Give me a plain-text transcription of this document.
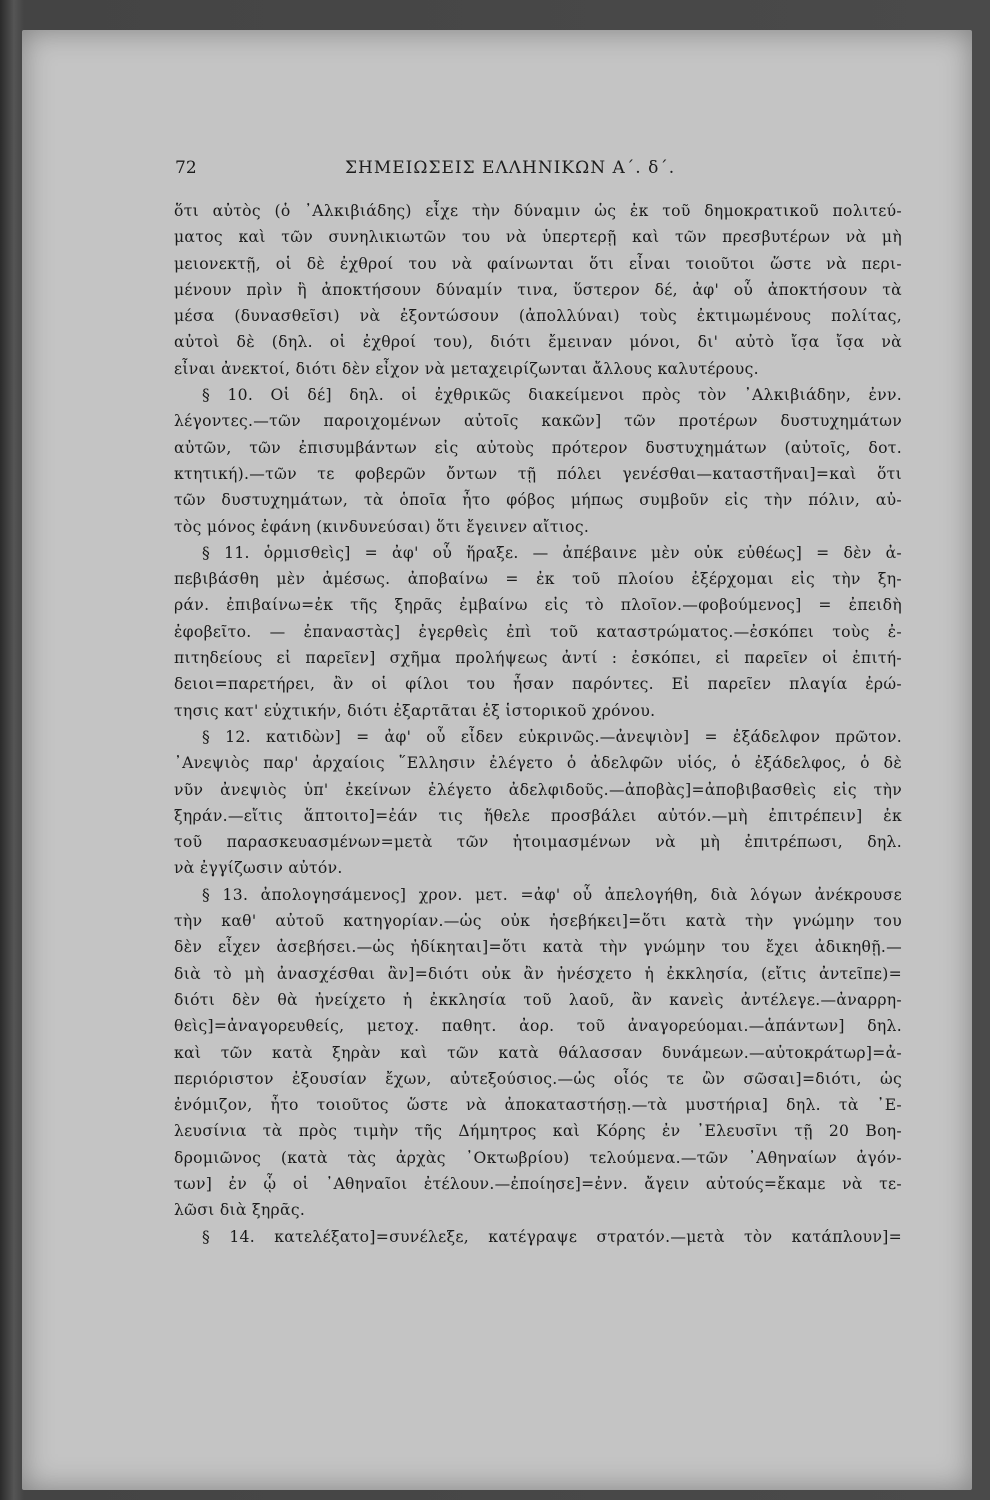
72	ΣΗΜΕΙΩΣΕΙΣ ΕΛΛΗΝΙΚΩΝ Α΄. δ΄.
ὅτι αὐτὸς (ὁ ᾿Αλκιβιάδης) εἶχε τὴν δύναμιν ὡς ἐκ τοῦ δημοκρατικοῦ πολιτεύ-
ματος καὶ τῶν συνηλικιωτῶν του νὰ ὑπερτερῇ καὶ τῶν πρεσβυτέρων νὰ μὴ
μειονεκτῇ, οἱ δὲ ἐχθροί του νὰ φαίνωνται ὅτι εἶναι τοιοῦτοι ὥστε νὰ περι-
μένουν πρὶν ἢ ἀποκτήσουν δύναμίν τινα, ὕστερον δέ, ἀφ' οὗ ἀποκτήσουν τὰ
μέσα (δυνασθεῖσι) νὰ ἐξοντώσουν (ἀπολλύναι) τοὺς ἐκτιμωμένους πολίτας,
αὐτοὶ δὲ (δηλ. οἱ ἐχθροί του), διότι ἔμειναν μόνοι, δι' αὐτὸ ἴσ̣α ἴσ̣α νὰ
εἶναι ἀνεκτοί, διότι δὲν εἶχον νὰ μεταχειρίζωνται ἄλλους καλυτέρους.
§ 10. Οἱ δέ] δηλ. οἱ ἐχθρικῶς διακείμενοι πρὸς τὸν ᾿Αλκιβιάδην, ἐνν.
λέγοντες.—τῶν παροιχομένων αὐτοῖς κακῶν] τῶν προτέρων δυστυχημάτων
αὐτῶν, τῶν ἐπισυμβάντων εἰς αὐτοὺς πρότερον δυστυχημάτων (αὐτοῖς, δοτ.
κτητική).—τῶν τε φοβερῶν ὄντων τῇ πόλει γενέσθαι—καταστῆναι]=καὶ ὅτι
τῶν δυστυχημάτων, τὰ ὁποῖα ἦτο φόβος μήπως συμβοῦν εἰς τὴν πόλιν, αὐ-
τὸς μόνος ἐφάνη (κινδυνεύσαι) ὅτι ἔγεινεν αἴτιος.
§ 11. ὁρμισθεὶς] = ἀφ' οὗ ἥραξε. — ἀπέβαινε μὲν οὐκ εὐθέως] = δὲν ἀ-
πεβιβάσθη μὲν ἀμέσως. ἀποβαίνω = ἐκ τοῦ πλοίου ἐξέρχομαι εἰς τὴν ξη-
ράν. ἐπιβαίνω=ἐκ τῆς ξηρᾶς ἐμβαίνω εἰς τὸ πλοῖον.—φοβούμενος] = ἐπειδὴ
ἐφοβεῖτο. — ἐπαναστὰς] ἐγερθεὶς ἐπὶ τοῦ καταστρώματος.—ἐσκόπει τοὺς ἐ-
πιτηδείους εἰ παρεῖεν] σχῆμα προλήψεως ἀντί : ἐσκόπει, εἰ παρεῖεν οἱ ἐπιτή-
δειοι=παρετήρει, ἂν οἱ φίλοι του ἦσαν παρόντες. Εἰ παρεῖεν πλαγία ἐρώ-
τησις κατ' εὐχτικήν, διότι ἐξαρτᾶται ἐξ ἱστορικοῦ χρόνου.
§ 12. κατιδὼν] = ἀφ' οὗ εἶδεν εὐκρινῶς.—ἀνεψιὸν] = ἐξάδελφον πρῶτον.
᾿Ανεψιὸς παρ' ἀρχαίοις ῞Ελλησιν ἐλέγετο ὁ ἀδελφῶν υἱός, ὁ ἐξάδελφος, ὁ δὲ
νῦν ἀνεψιὸς ὑπ' ἐκείνων ἐλέγετο ἀδελφιδοῦς.—ἀποβὰς]=ἀποβιβασθεὶς εἰς τὴν
ξηράν.—εἴτις ἅπτοιτο]=ἐάν τις ἤθελε προσβάλει αὐτόν.—μὴ ἐπιτρέπειν] ἐκ
τοῦ παρασκευασμένων=μετὰ τῶν ἡτοιμασμένων νὰ μὴ ἐπιτρέπωσι, δηλ.
νὰ ἐγγίζωσιν αὐτόν.
§ 13. ἀπολογησάμενος] χρον. μετ. =ἀφ' οὗ ἀπελογήθη, διὰ λόγων ἀνέκρουσε
τὴν καθ' αὐτοῦ κατηγορίαν.—ὡς οὐκ ἠσεβήκει]=ὅτι κατὰ τὴν γνώμην του
δὲν εἶχεν ἀσεβήσει.—ὡς ἠδίκηται]=ὅτι κατὰ τὴν γνώμην του ἔχει ἀδικηθῇ.—
διὰ τὸ μὴ ἀνασχέσθαι ἂν]=διότι οὐκ ἂν ἠνέσχετο ἡ ἐκκλησία, (εἴτις ἀντεῖπε)=
διότι δὲν θὰ ἠνείχετο ἡ ἐκκλησία τοῦ λαοῦ, ἂν κανεὶς ἀντέλεγε.—ἀναρρη-
θεὶς]=ἀναγορευθείς, μετοχ. παθητ. ἀορ. τοῦ ἀναγορεύομαι.—ἁπάντων] δηλ.
καὶ τῶν κατὰ ξηρὰν καὶ τῶν κατὰ θάλασσαν δυνάμεων.—αὐτοκράτωρ]=ἀ-
περιόριστον ἐξουσίαν ἔχων, αὐτεξούσιος.—ὡς οἷός τε ὢν σῶσαι]=διότι, ὡς
ἐνόμιζον, ἦτο τοιοῦτος ὥστε νὰ ἀποκαταστήσῃ.—τὰ μυστήρια] δηλ. τὰ ᾿Ε-
λευσίνια τὰ πρὸς τιμὴν τῆς Δήμητρος καὶ Κόρης ἐν ᾿Ελευσῖνι τῇ 20 Βοη-
δρομιῶνος (κατὰ τὰς ἀρχὰς ᾿Οκτωβρίου) τελούμενα.—τῶν ᾿Αθηναίων ἀγόν-
των] ἐν ᾧ οἱ ᾿Αθηναῖοι ἐτέλουν.—ἐποίησε]=ἐνν. ἄγειν αὐτούς=ἔκαμε νὰ τε-
λῶσι διὰ ξηρᾶς.
§ 14. κατελέξατο]=συνέλεξε, κατέγραψε στρατόν.—μετὰ τὸν κατάπλουν]=
